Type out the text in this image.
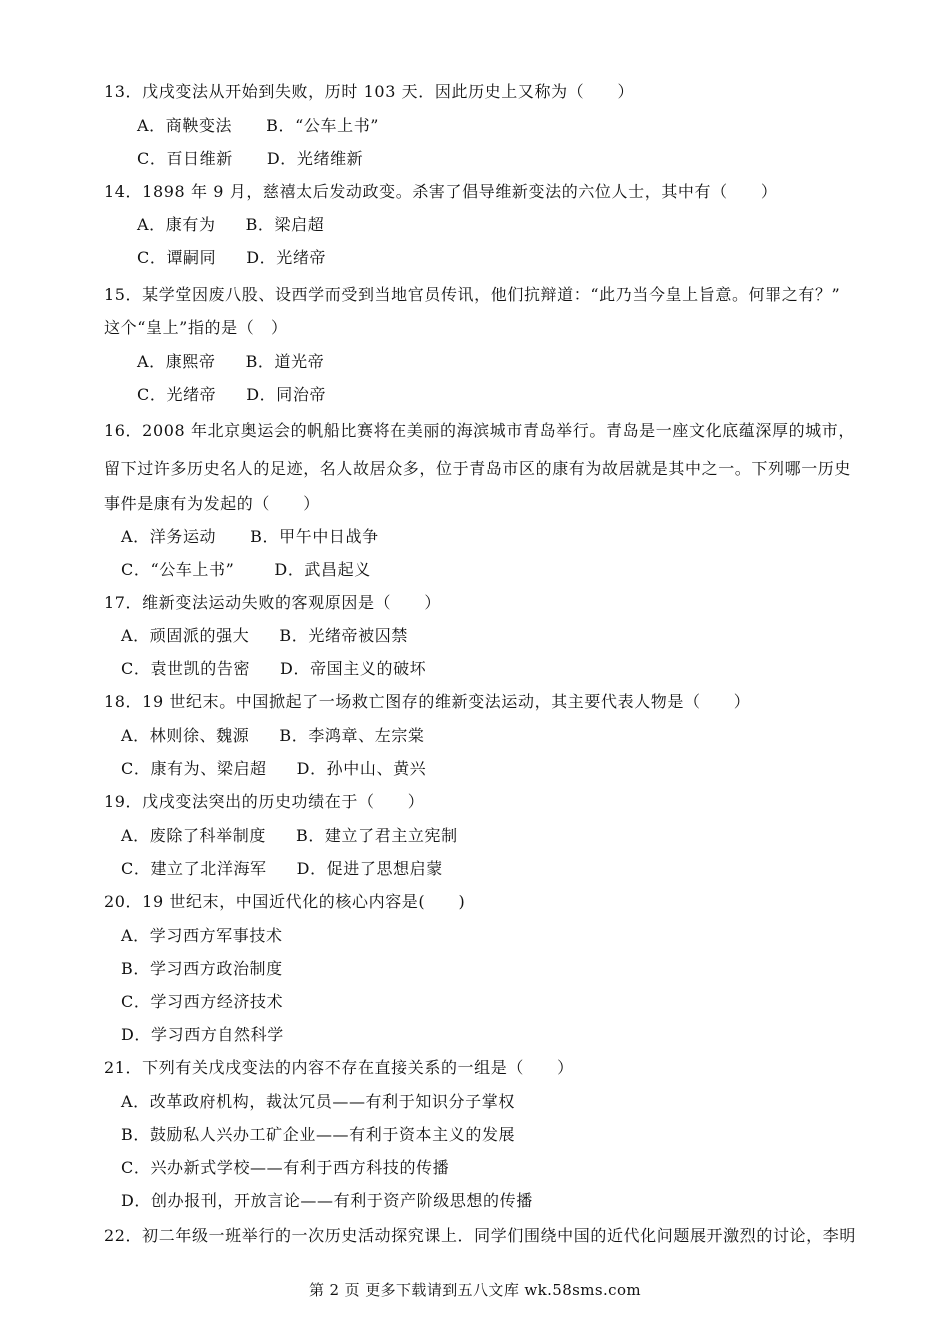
13．戊戌变法从开始到失败，历时 103 天．因此历史上又称为（　　）
A．商鞅变法 B．“公车上书”
C．百日维新 D．光绪维新
14．1898 年 9 月，慈禧太后发动政变。杀害了倡导维新变法的六位人士，其中有（　　）
A．康有为 B．梁启超
C．谭嗣同 D．光绪帝
15．某学堂因废八股、设西学而受到当地官员传讯，他们抗辩道：“此乃当今皇上旨意。何罪之有？”
这个“皇上”指的是（　）
A．康熙帝 B．道光帝
C．光绪帝 D．同治帝
16．2008 年北京奥运会的帆船比赛将在美丽的海滨城市青岛举行。青岛是一座文化底蕴深厚的城市，
留下过许多历史名人的足迹，名人故居众多，位于青岛市区的康有为故居就是其中之一。下列哪一历史
事件是康有为发起的（　　）
A．洋务运动 B．甲午中日战争
C．“公车上书”	D．武昌起义
17．维新变法运动失败的客观原因是（　　）
A．顽固派的强大 B．光绪帝被囚禁
C．袁世凯的告密 D．帝国主义的破坏
18．19 世纪末。中国掀起了一场救亡图存的维新变法运动，其主要代表人物是（　　）
A．林则徐、魏源 B．李鸿章、左宗棠
C．康有为、梁启超 D．孙中山、黄兴
19．戊戌变法突出的历史功绩在于（　　）
A．废除了科举制度 B．建立了君主立宪制
C．建立了北洋海军 D．促进了思想启蒙
20．19 世纪末，中国近代化的核心内容是(　　)
A．学习西方军事技术
B．学习西方政治制度
C．学习西方经济技术
D．学习西方自然科学
21．下列有关戊戌变法的内容不存在直接关系的一组是（　　）
A．改革政府机构，裁汰冗员——有利于知识分子掌权
B．鼓励私人兴办工矿企业——有利于资本主义的发展
C．兴办新式学校——有利于西方科技的传播
D．创办报刊，开放言论——有利于资产阶级思想的传播
22．初二年级一班举行的一次历史活动探究课上．同学们围绕中国的近代化问题展开激烈的讨论，李明
第 2 页 更多下载请到五八文库 wk.58sms.com
